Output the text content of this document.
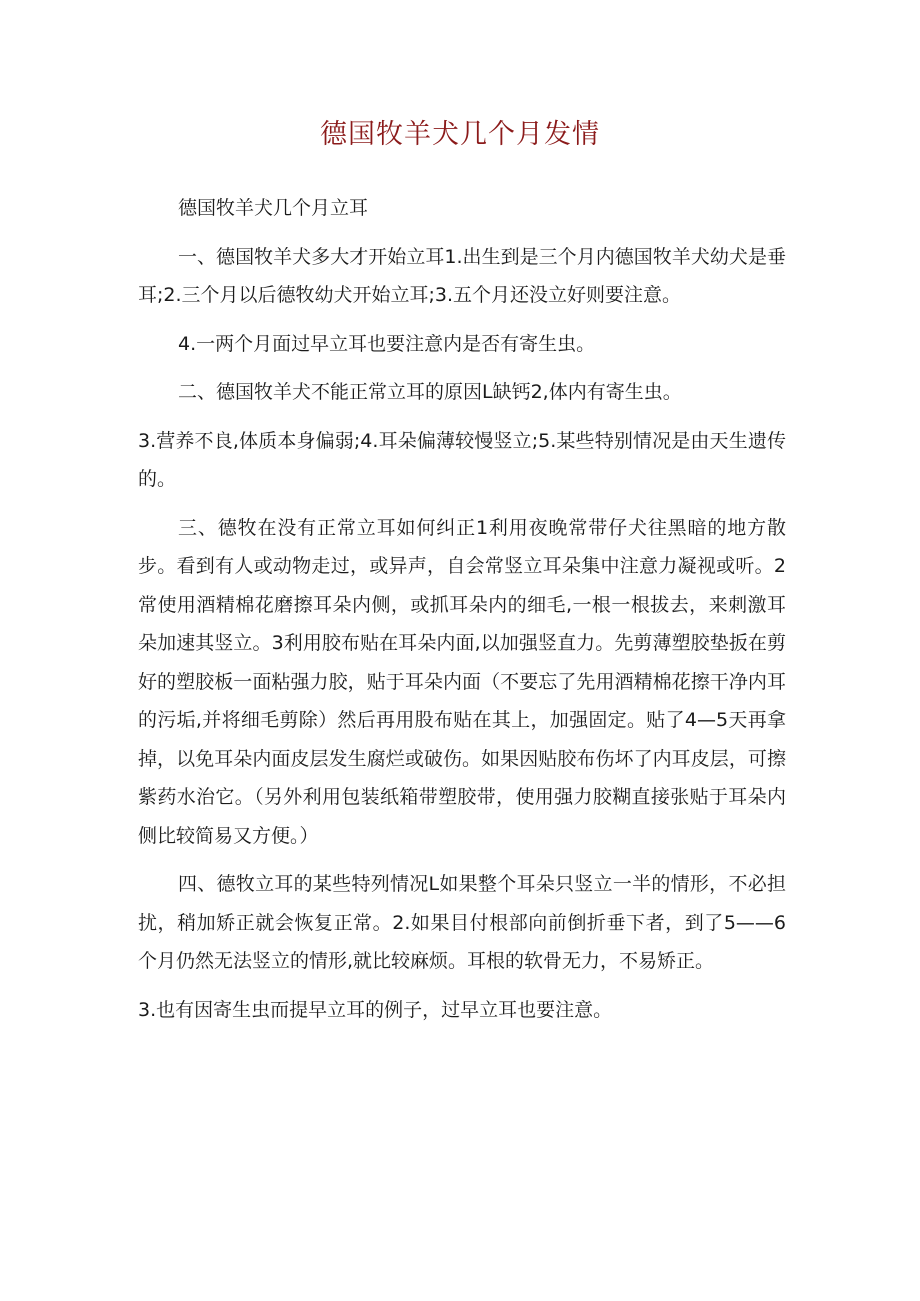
德国牧羊犬几个月发情

德国牧羊犬几个月立耳

一、德国牧羊犬多大才开始立耳1.出生到是三个月内德国牧羊犬幼犬是垂耳;2.三个月以后德牧幼犬开始立耳;3.五个月还没立好则要注意。

4.一两个月面过早立耳也要注意内是否有寄生虫。

二、德国牧羊犬不能正常立耳的原因L缺钙2,体内有寄生虫。

3.营养不良,体质本身偏弱;4.耳朵偏薄较慢竖立;5.某些特别情况是由天生遗传的。

三、德牧在没有正常立耳如何纠正1利用夜晚常带仔犬往黑暗的地方散步。看到有人或动物走过，或异声，自会常竖立耳朵集中注意力凝视或听。2常使用酒精棉花磨擦耳朵内侧，或抓耳朵内的细毛,一根一根拔去，来刺激耳朵加速其竖立。3利用胶布贴在耳朵内面,以加强竖直力。先剪薄塑胶垫扳在剪好的塑胶板一面粘强力胶，贴于耳朵内面（不要忘了先用酒精棉花擦干净内耳的污垢,并将细毛剪除）然后再用股布贴在其上，加强固定。贴了4—5天再拿掉，以免耳朵内面皮层发生腐烂或破伤。如果因贴胶布伤坏了内耳皮层，可擦紫药水治它。（另外利用包装纸箱带塑胶带，使用强力胶糊直接张贴于耳朵内侧比较简易又方便。）

四、德牧立耳的某些特列情况L如果整个耳朵只竖立一半的情形，不必担扰，稍加矫正就会恢复正常。2.如果目付根部向前倒折垂下者，到了5——6个月仍然无法竖立的情形,就比较麻烦。耳根的软骨无力，不易矫正。

3.也有因寄生虫而提早立耳的例子，过早立耳也要注意。
